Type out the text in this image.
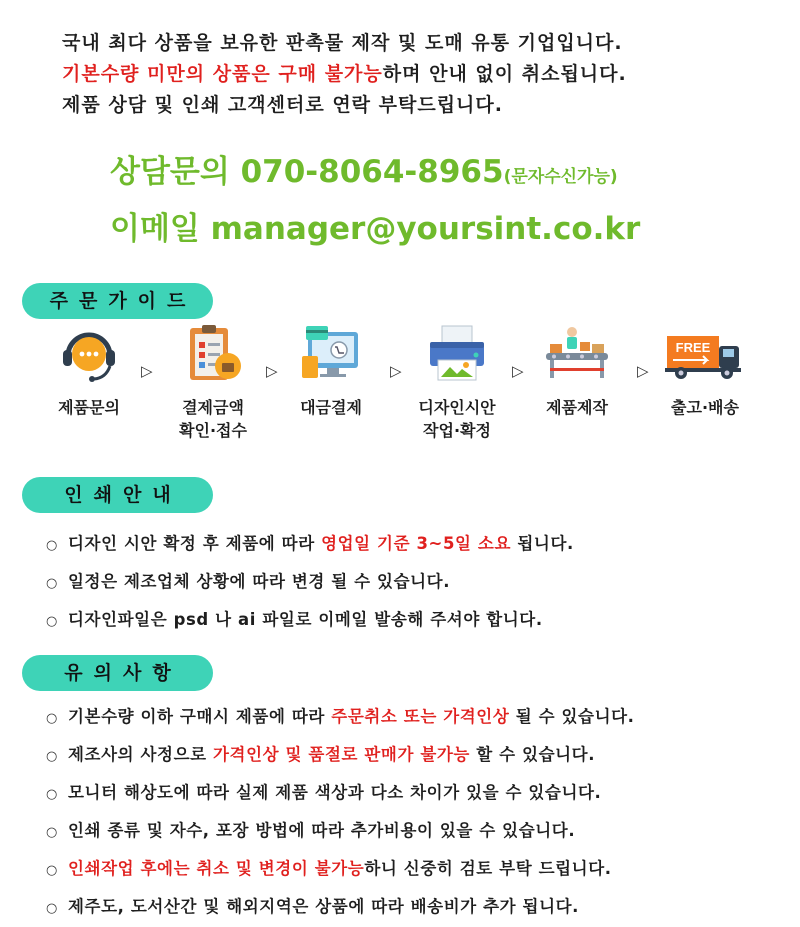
국내 최다 상품을 보유한 판촉물 제작 및 도매 유통 기업입니다.

기본수량 미만의 상품은 구매 불가능하며 안내 없이 취소됩니다.

제품 상담 및 인쇄 고객센터로 연락 부탁드립니다.

상담문의 070-8064-8965(문자수신가능)
이메일 manager@yoursint.co.kr
주문가이드
제품문의
▷
결제금액
확인·접수
▷
대금결제
▷
디자인시안
작업·확정
▷
제품제작
▷
FREE
출고·배송
인쇄안내
○ 디자인 시안 확정 후 제품에 따라 영업일 기준 3~5일 소요 됩니다.
○ 일정은 제조업체 상황에 따라 변경 될 수 있습니다.
○ 디자인파일은 psd 나 ai 파일로 이메일 발송해 주셔야 합니다.
유의사항
○ 기본수량 이하 구매시 제품에 따라 주문취소 또는 가격인상 될 수 있습니다.
○ 제조사의 사정으로 가격인상 및 품절로 판매가 불가능 할 수 있습니다.
○ 모니터 해상도에 따라 실제 제품 색상과 다소 차이가 있을 수 있습니다.
○ 인쇄 종류 및 자수, 포장 방법에 따라 추가비용이 있을 수 있습니다.
○ 인쇄작업 후에는 취소 및 변경이 불가능하니 신중히 검토 부탁 드립니다.
○ 제주도, 도서산간 및 해외지역은 상품에 따라 배송비가 추가 됩니다.
